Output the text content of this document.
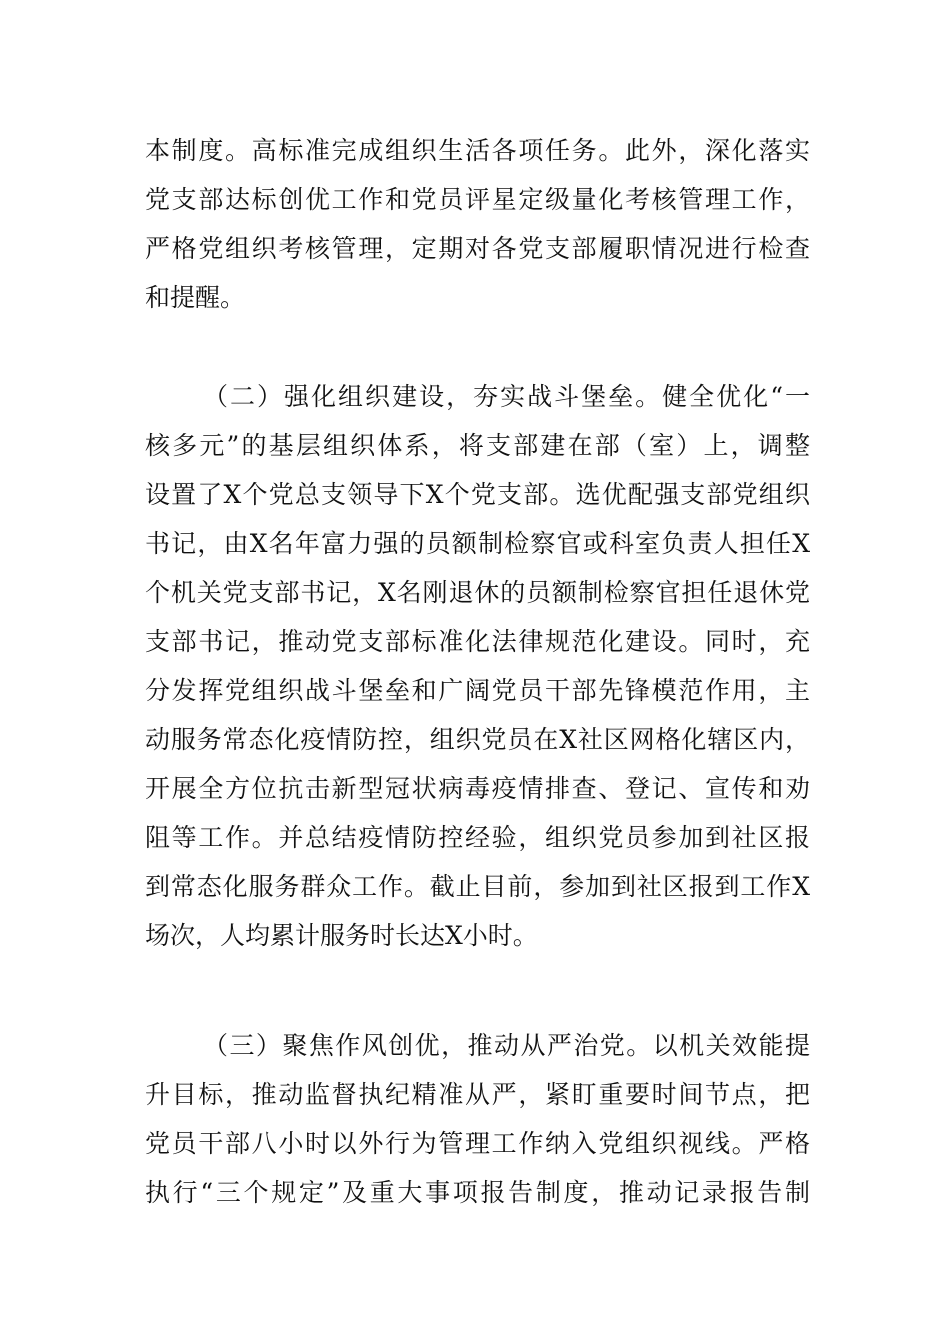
本制度。高标准完成组织生活各项任务。此外，深化落实
党支部达标创优工作和党员评星定级量化考核管理工作，
严格党组织考核管理，定期对各党支部履职情况进行检查
和提醒。
（二）强化组织建设，夯实战斗堡垒。健全优化“一
核多元”的基层组织体系，将支部建在部（室）上，调整
设置了X个党总支领导下X个党支部。选优配强支部党组织
书记，由X名年富力强的员额制检察官或科室负责人担任X
个机关党支部书记，X名刚退休的员额制检察官担任退休党
支部书记，推动党支部标准化法律规范化建设。同时，充
分发挥党组织战斗堡垒和广阔党员干部先锋模范作用，主
动服务常态化疫情防控，组织党员在X社区网格化辖区内，
开展全方位抗击新型冠状病毒疫情排查、登记、宣传和劝
阻等工作。并总结疫情防控经验，组织党员参加到社区报
到常态化服务群众工作。截止目前，参加到社区报到工作X
场次，人均累计服务时长达X小时。
（三）聚焦作风创优，推动从严治党。以机关效能提
升目标，推动监督执纪精准从严，紧盯重要时间节点，把
党员干部八小时以外行为管理工作纳入党组织视线。严格
执行“三个规定”及重大事项报告制度，推动记录报告制
